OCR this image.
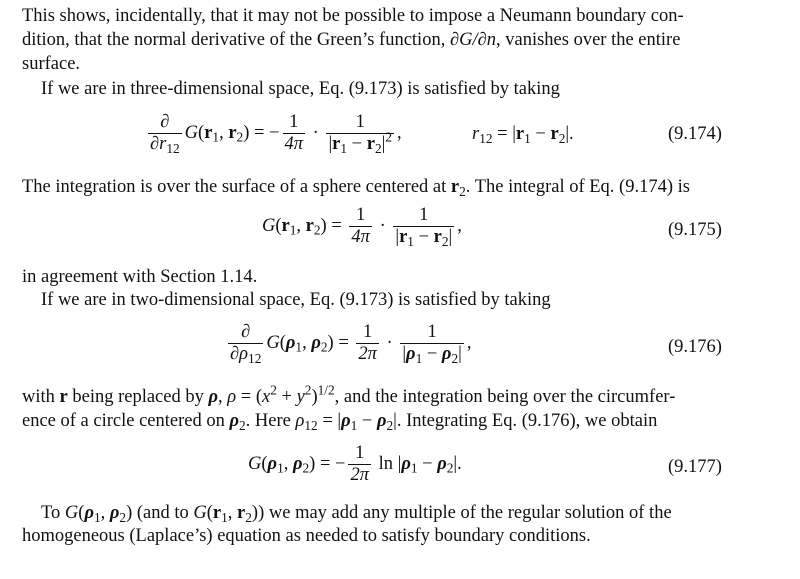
This shows, incidentally, that it may not be possible to impose a Neumann boundary con-
dition, that the normal derivative of the Green’s function, ∂G/∂n, vanishes over the entire
surface.
If we are in three-dimensional space, Eq. (9.173) is satisfied by taking
$\frac{\partial}{\partial r_{12}} G(r_1$, $r_2$) = − $\frac{1}{4\pi} \cdot \frac{1}{|r_1 - r_2|^2}$ ,	$r_{12} = |r_1 - r_2|$.	(9.174)
The integration is over the surface of a sphere centered at $r_2$. The integral of Eq. (9.174) is
$G(r_1$, $r_2) = \frac{1}{4\pi} \cdot \frac{1}{|r_1 - r_2|}$ ,	(9.175)
in agreement with Section 1.14.
If we are in two-dimensional space, Eq. (9.173) is satisfied by taking
$\frac{\partial}{\partial\rho_{12}} G(\rho_1$, $\rho_2) = \frac{1}{2\pi} \cdot \frac{1}{|\rho_1 - \rho_2|}$ ,	(9.176)
with r being replaced by ρ, $\rho = (x^2 + y^2)^{1/2}$, and the integration being over the circumfer-
ence of a circle centered on $\rho_2$. Here $\rho_{12} = |\rho_1 - \rho_2|$. Integrating Eq. (9.176), we obtain
$G(\rho_1$, $\rho_2$) = − $\frac{1}{2\pi}$ $\ln |\rho_1 - \rho_2|$.	(9.177)
To $G(\rho_1$, $\rho_2$) (and to $G(r_1$, $r_2$)) we may add any multiple of the regular solution of the
homogeneous (Laplace’s) equation as needed to satisfy boundary conditions.
